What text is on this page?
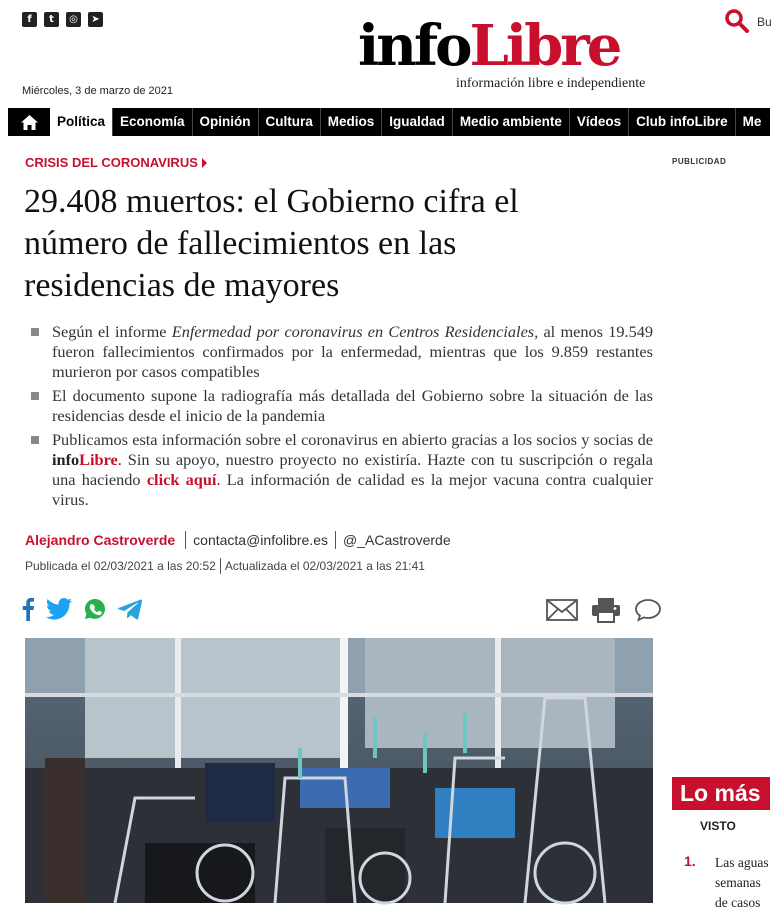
f	t	◎	➤
Miércoles, 3 de marzo de 2021
infoLibre
información libre e independiente
Bu
Política	Economía	Opinión	Cultura	Medios	Igualdad	Medio ambiente	Vídeos	Club infoLibre	Me
CRISIS DEL CORONAVIRUS	PUBLICIDAD
29.408 muertos: el Gobierno cifra el número de fallecimientos en las residencias de mayores
Según el informe Enfermedad por coronavirus en Centros Residenciales, al menos 19.549 fueron fallecimientos confirmados por la enfermedad, mientras que los 9.859 restantes murieron por casos compatibles
El documento supone la radiografía más detallada del Gobierno sobre la situación de las residencias desde el inicio de la pandemia
Publicamos esta información sobre el coronavirus en abierto gracias a los socios y socias de infoLibre. Sin su apoyo, nuestro proyecto no existiría. Hazte con tu suscripción o regala una haciendo click aquí. La información de calidad es la mejor vacuna contra cualquier virus.
Alejandro Castroverde	contacta@infolibre.es	@_ACastroverde
Publicada el 02/03/2021 a las 20:52 Actualizada el 02/03/2021 a las 21:41
Lo más
VISTO
1. Las aguas semanas de casos
